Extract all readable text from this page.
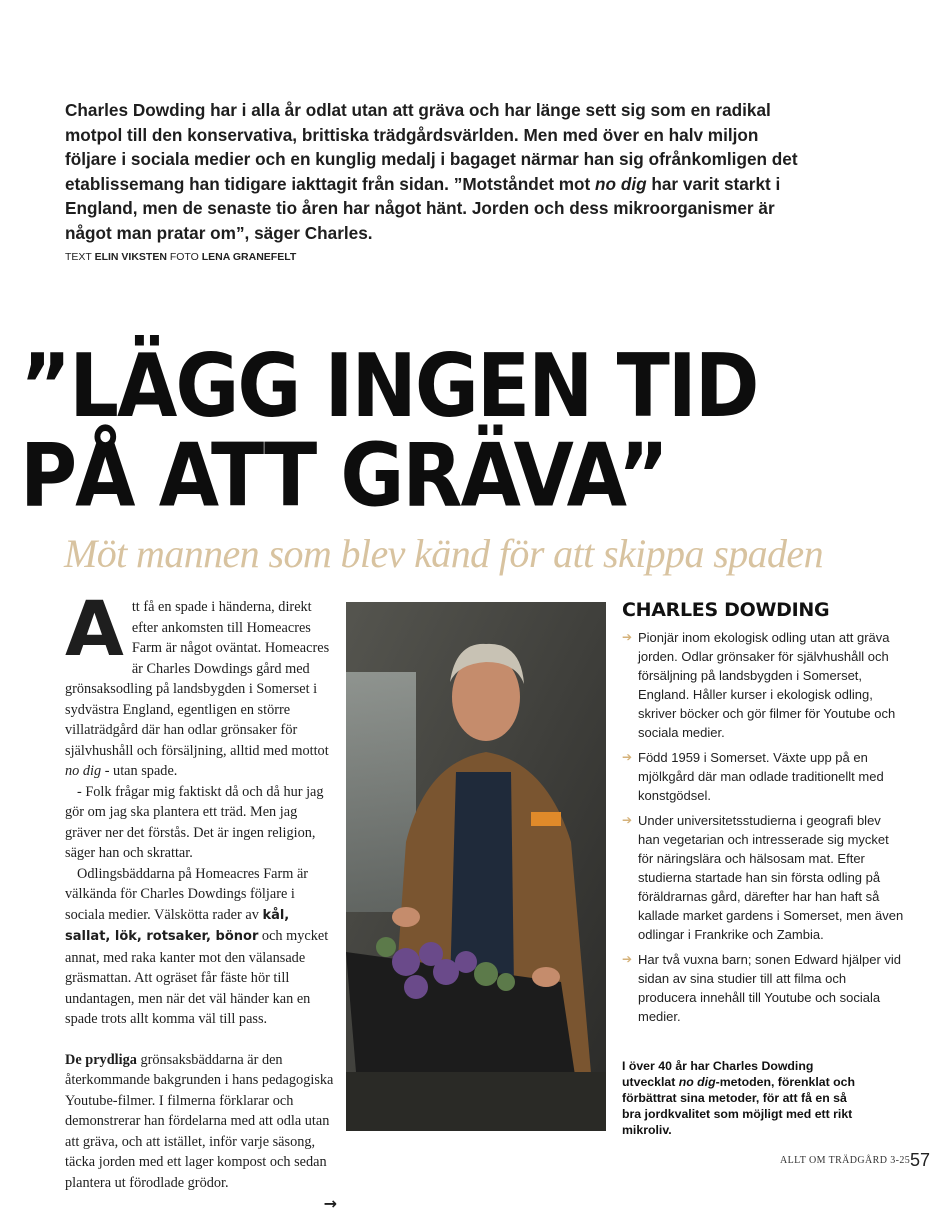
Charles Dowding har i alla år odlat utan att gräva och har länge sett sig som en radikal motpol till den konservativa, brittiska trädgårdsvärlden. Men med över en halv miljon följare i sociala medier och en kunglig medalj i bagaget närmar han sig ofrånkomligen det etablissemang han tidigare iakttagit från sidan. ”Motståndet mot no dig har varit starkt i England, men de senaste tio åren har något hänt. Jorden och dess mikroorganismer är något man pratar om”, säger Charles.
TEXT ELIN VIKSTEN FOTO LENA GRANEFELT
”LÄGG INGEN TID
PÅ ATT GRÄVA”
Möt mannen som blev känd för att skippa spaden

Att få en spade i händerna, direkt efter ankomsten till Homeacres Farm är något oväntat. Homeacres är Charles Dowdings gård med grönsaksodling på landsbygden i Somerset i sydvästra England, egentligen en större villaträdgård där han odlar grönsaker för självhushåll och försäljning, alltid med mottot no dig - utan spade.

- Folk frågar mig faktiskt då och då hur jag gör om jag ska plantera ett träd. Men jag gräver ner det förstås. Det är ingen religion, säger han och skrattar.

Odlingsbäddarna på Homeacres Farm är välkända för Charles Dowdings följare i sociala medier. Välskötta rader av kål, sallat, lök, rotsaker, bönor och mycket annat, med raka kanter mot den välansade gräsmattan. Att ogräset får fäste hör till undantagen, men när det väl händer kan en spade trots allt komma väl till pass.

De prydliga grönsaksbäddarna är den återkommande bakgrunden i hans pedagogiska Youtube-filmer. I filmerna förklarar och demonstrerar han fördelarna med att odla utan att gräva, och att istället, inför varje säsong, täcka jorden med ett lager kompost och sedan plantera ut förodlade grödor.

→
CHARLES DOWDING
➔ Pionjär inom ekologisk odling utan att gräva jorden. Odlar grönsaker för självhushåll och försäljning på landsbygden i Somerset, England. Håller kurser i ekologisk odling, skriver böcker och gör filmer för Youtube och sociala medier.
➔ Född 1959 i Somerset. Växte upp på en mjölkgård där man odlade traditionellt med konstgödsel.
➔ Under universitetsstudierna i geografi blev han vegetarian och intresserade sig mycket för näringslära och hälsosam mat. Efter studierna startade han sin första odling på föräldrarnas gård, därefter har han haft så kallade market gardens i Somerset, men även odlingar i Frankrike och Zambia.
➔ Har två vuxna barn; sonen Edward hjälper vid sidan av sina studier till att filma och producera innehåll till Youtube och sociala medier.
I över 40 år har Charles Dowding utvecklat no dig-metoden, förenklat och förbättrat sina metoder, för att få en så bra jordkvalitet som möjligt med ett rikt mikroliv.
ALLT OM TRÄDGÅRD 3-25 57
